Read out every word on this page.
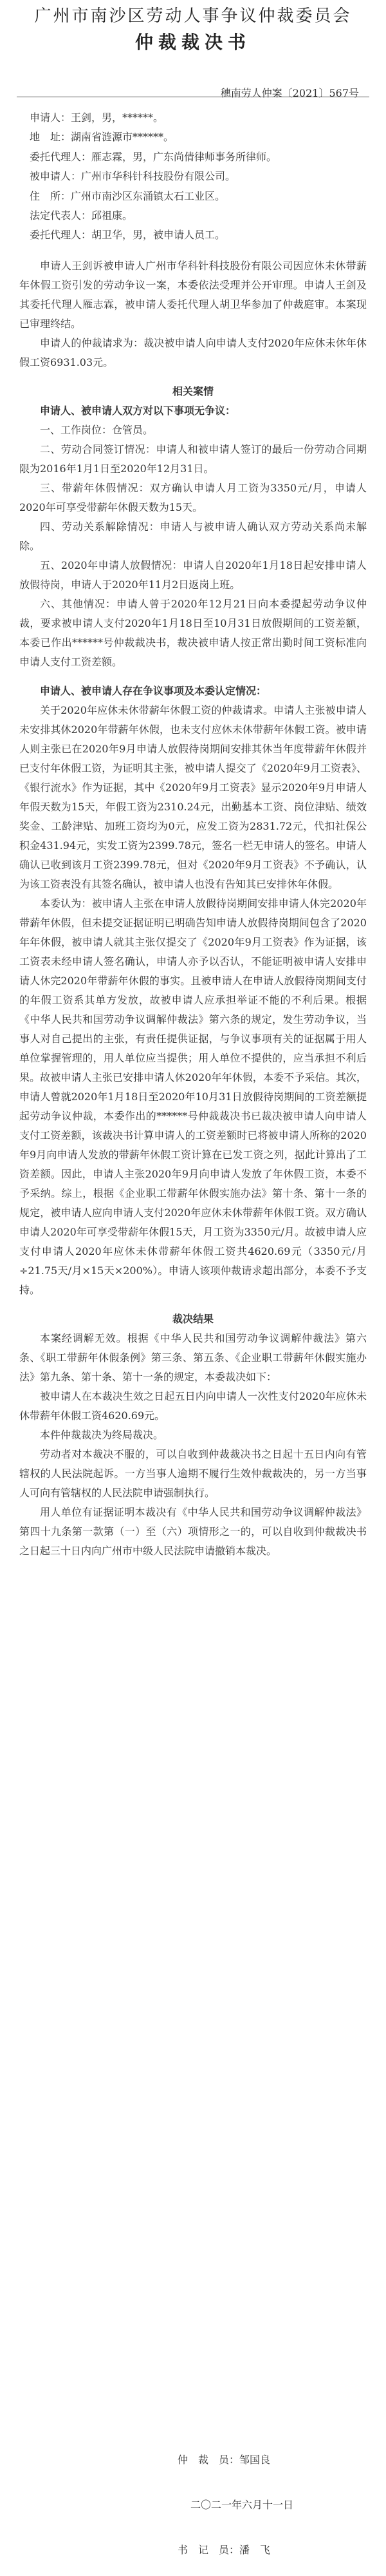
广州市南沙区劳动人事争议仲裁委员会
仲裁裁决书
穗南劳人仲案〔2021〕567号
申请人：王剑，男，******。
地　址：湖南省涟源市******。
委托代理人：雁志霖，男，广东尚倩律师事务所律师。
被申请人：广州市华科针科技股份有限公司。
住　所：广州市南沙区东涌镇太石工业区。
法定代表人：邱祖康。
委托代理人：胡卫华，男，被申请人员工。

申请人王剑诉被申请人广州市华科针科技股份有限公司因应休未休带薪年休假工资引发的劳动争议一案，本委依法受理并公开审理。申请人王剑及其委托代理人雁志霖，被申请人委托代理人胡卫华参加了仲裁庭审。本案现已审理终结。

申请人的仲裁请求为：裁决被申请人向申请人支付2020年应休未休年休假工资6931.03元。

相关案情

申请人、被申请人双方对以下事项无争议：

一、工作岗位：仓管员。

二、劳动合同签订情况：申请人和被申请人签订的最后一份劳动合同期限为2016年1月1日至2020年12月31日。

三、带薪年休假情况：双方确认申请人月工资为3350元/月，申请人2020年可享受带薪年休假天数为15天。

四、劳动关系解除情况：申请人与被申请人确认双方劳动关系尚未解除。

五、2020年申请人放假情况：申请人自2020年1月18日起安排申请人放假待岗，申请人于2020年11月2日返岗上班。

六、其他情况：申请人曾于2020年12月21日向本委提起劳动争议仲裁，要求被申请人支付2020年1月18日至10月31日放假期间的工资差额，本委已作出******号仲裁裁决书，裁决被申请人按正常出勤时间工资标准向申请人支付工资差额。

申请人、被申请人存在争议事项及本委认定情况：

关于2020年应休未休带薪年休假工资的仲裁请求。申请人主张被申请人未安排其休2020年带薪年休假，也未支付应休未休带薪年休假工资。被申请人则主张已在2020年9月申请人放假待岗期间安排其休当年度带薪年休假并已支付年休假工资，为证明其主张，被申请人提交了《2020年9月工资表》、《银行流水》作为证据，其中《2020年9月工资表》显示2020年9月申请人年假天数为15天，年假工资为2310.24元，出勤基本工资、岗位津贴、绩效奖金、工龄津贴、加班工资均为0元，应发工资为2831.72元，代扣社保公积金431.94元，实发工资为2399.78元，签名一栏无申请人的签名。申请人确认已收到该月工资2399.78元，但对《2020年9月工资表》不予确认，认为该工资表没有其签名确认，被申请人也没有告知其已安排休年休假。

本委认为：被申请人主张在申请人放假待岗期间安排申请人休完2020年带薪年休假，但未提交证据证明已明确告知申请人放假待岗期间包含了2020年年休假，被申请人就其主张仅提交了《2020年9月工资表》作为证据，该工资表未经申请人签名确认，申请人亦予以否认，不能证明被申请人安排申请人休完2020年带薪年休假的事实。且被申请人在申请人放假待岗期间支付的年假工资系其单方发放，故被申请人应承担举证不能的不利后果。根据《中华人民共和国劳动争议调解仲裁法》第六条的规定，发生劳动争议，当事人对自己提出的主张，有责任提供证据，与争议事项有关的证据属于用人单位掌握管理的，用人单位应当提供；用人单位不提供的，应当承担不利后果。故被申请人主张已安排申请人休2020年年休假，本委不予采信。其次，申请人曾就2020年1月18日至2020年10月31日放假待岗期间的工资差额提起劳动争议仲裁，本委作出的******号仲裁裁决书已裁决被申请人向申请人支付工资差额，该裁决书计算申请人的工资差额时已将被申请人所称的2020年9月向申请人发放的带薪年休假工资计算在已发工资之列，据此计算出了工资差额。因此，申请人主张2020年9月向申请人发放了年休假工资，本委不予采纳。综上，根据《企业职工带薪年休假实施办法》第十条、第十一条的规定，被申请人应向申请人支付2020年应休未休带薪年休假工资。双方确认申请人2020年可享受带薪年休假15天，月工资为3350元/月。故被申请人应支付申请人2020年应休未休带薪年休假工资共4620.69元（3350元/月÷21.75天/月×15天×200%）。申请人该项仲裁请求超出部分，本委不予支持。

裁决结果

本案经调解无效。根据《中华人民共和国劳动争议调解仲裁法》第六条、《职工带薪年休假条例》第三条、第五条、《企业职工带薪年休假实施办法》第九条、第十条、第十一条的规定，本委裁决如下：

被申请人在本裁决生效之日起五日内向申请人一次性支付2020年应休未休带薪年休假工资4620.69元。

本件仲裁裁决为终局裁决。

劳动者对本裁决不服的，可以自收到仲裁裁决书之日起十五日内向有管辖权的人民法院起诉。一方当事人逾期不履行生效仲裁裁决的，另一方当事人可向有管辖权的人民法院申请强制执行。

用人单位有证据证明本裁决有《中华人民共和国劳动争议调解仲裁法》第四十九条第一款第（一）至（六）项情形之一的，可以自收到仲裁裁决书之日起三十日内向广州市中级人民法院申请撤销本裁决。

仲　裁　员：邹国良
二〇二一年六月十一日
书　记　员：潘　飞
